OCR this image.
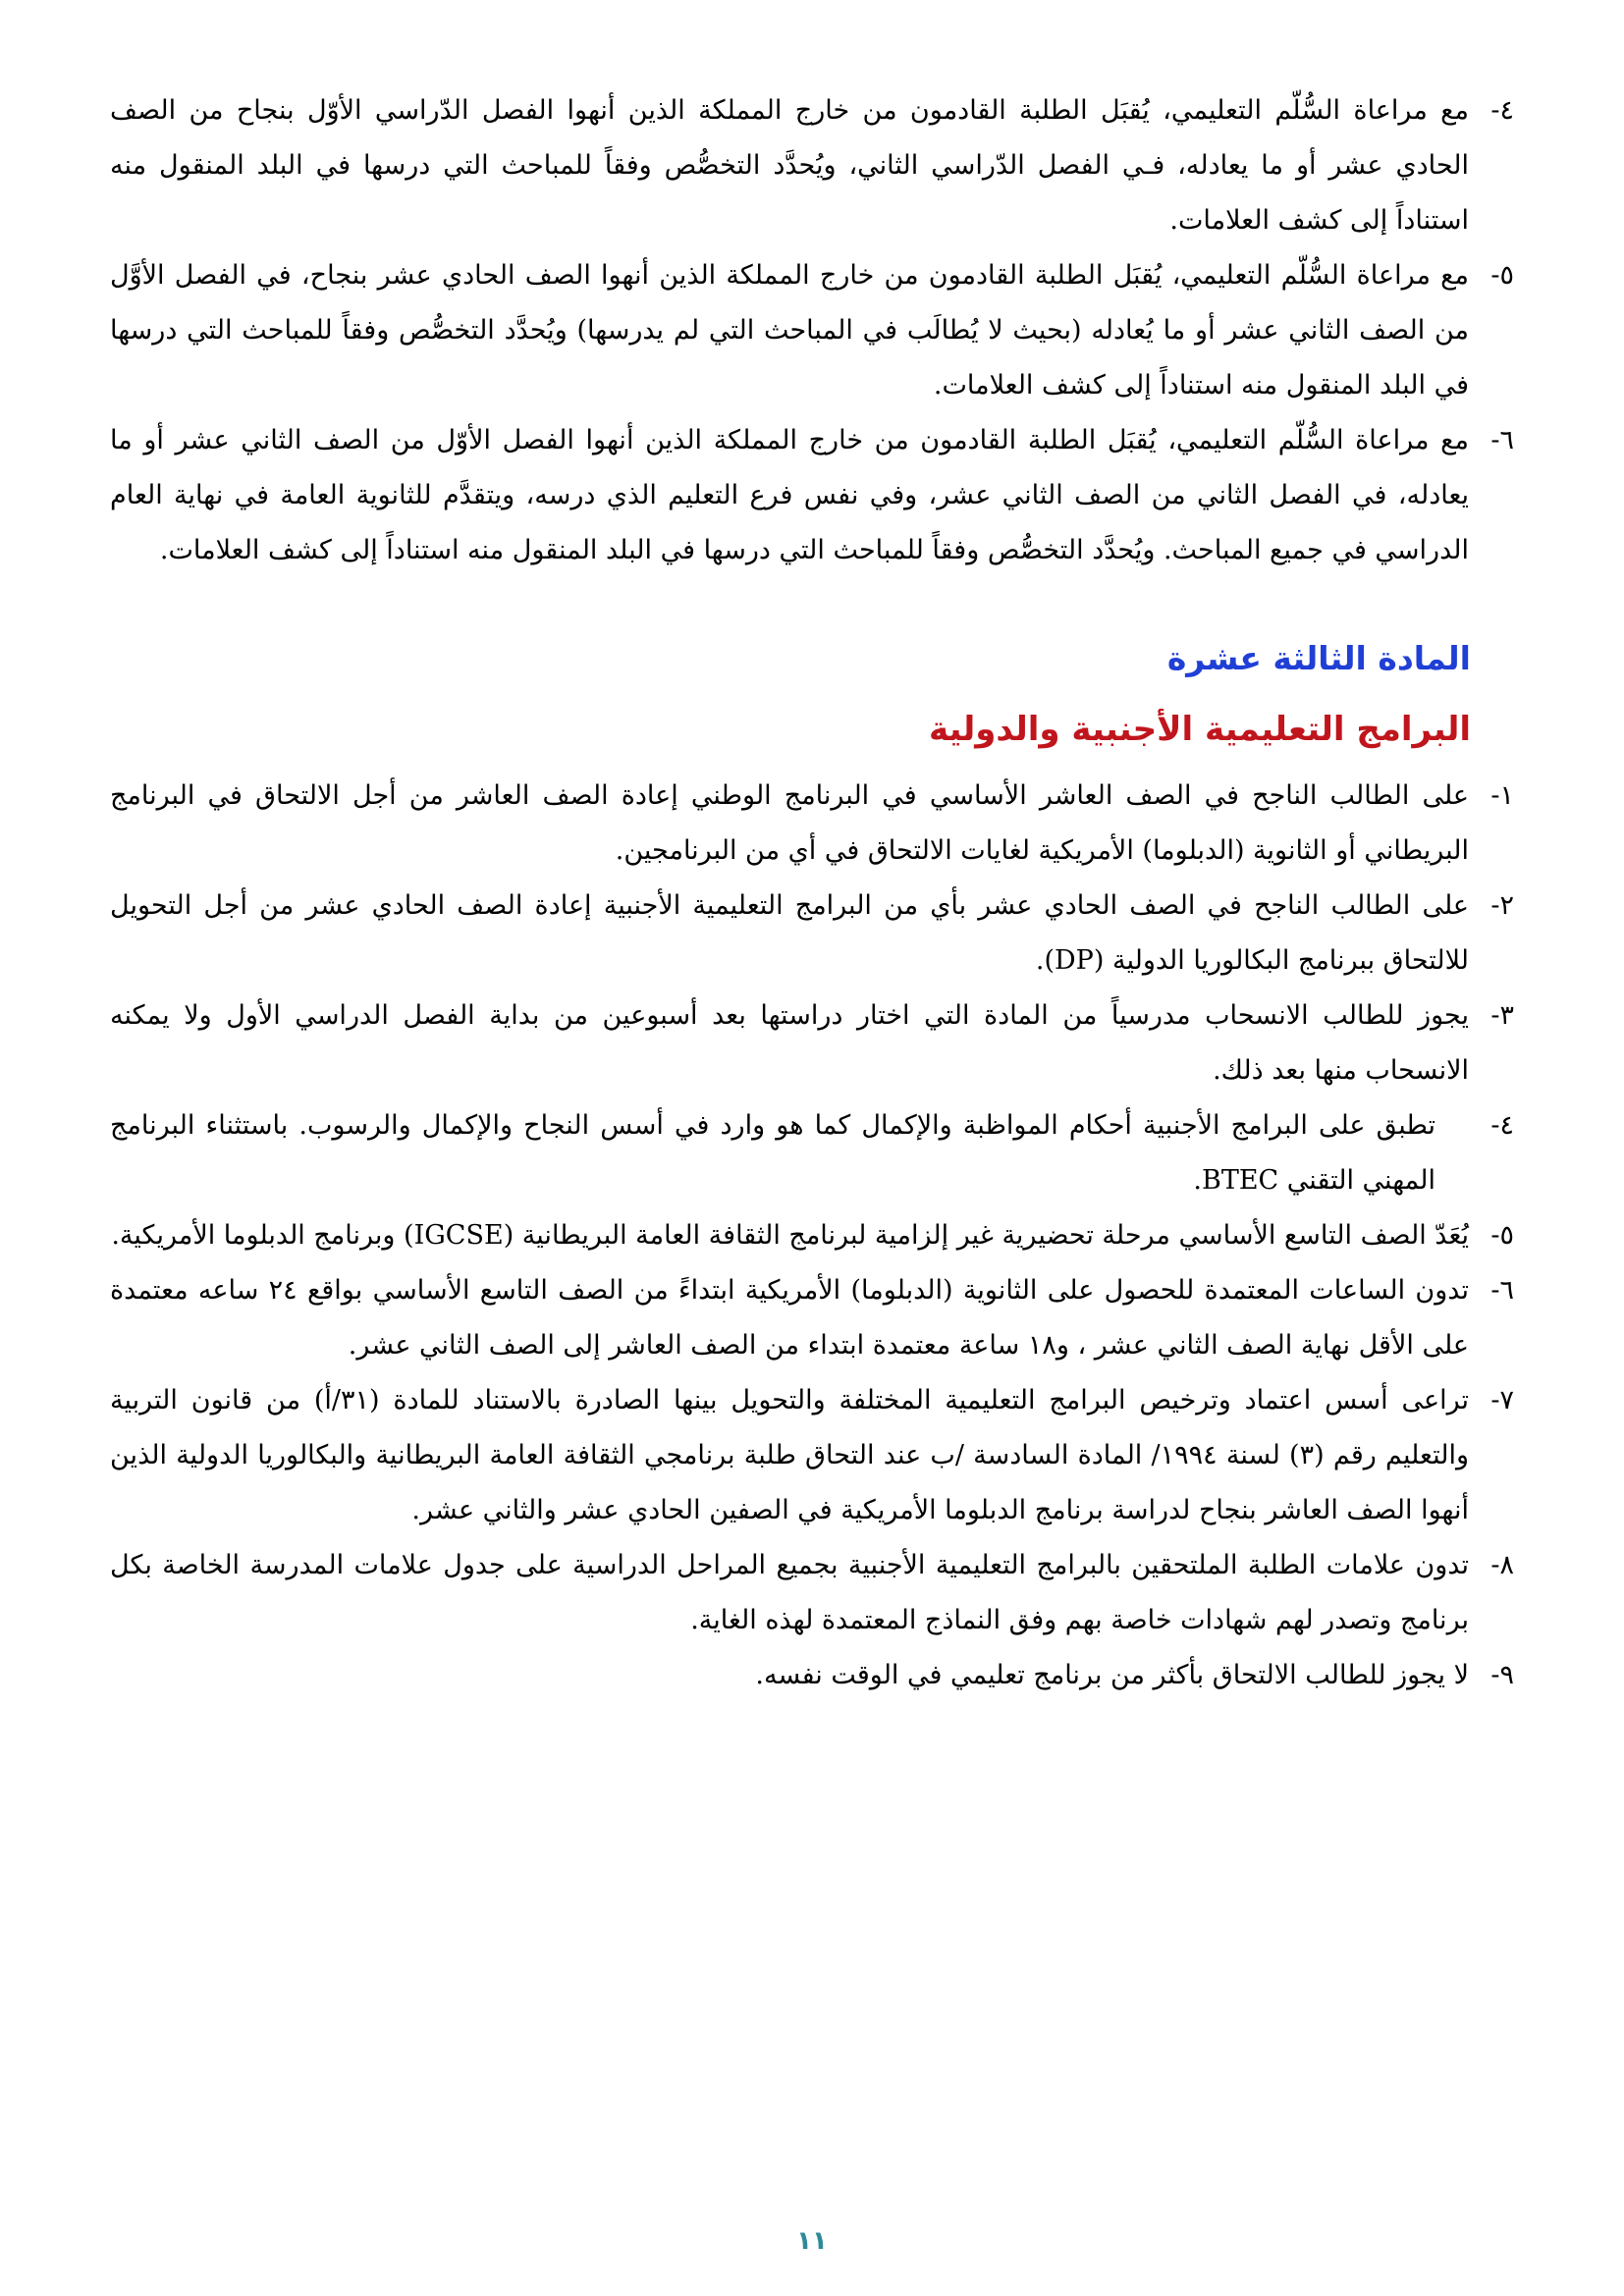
٤-
مع مراعاة السُّلّم التعليمي، يُقبَل الطلبة القادمون من خارج المملكة الذين أنهوا الفصل الدّراسي الأوّل بنجاح من الصف الحادي عشر أو ما يعادله، فـي الفصل الدّراسي الثاني، ويُحدَّد التخصُّص وفقاً للمباحث التي درسها في البلد المنقول منه استناداً إلى كشف العلامات.

٥-
مع مراعاة السُّلّم التعليمي، يُقبَل الطلبة القادمون من خارج المملكة الذين أنهوا الصف الحادي عشر بنجاح، في الفصل الأوَّل من الصف الثاني عشر أو ما يُعادله (بحيث لا يُطالَب في المباحث التي لم يدرسها) ويُحدَّد التخصُّص وفقاً للمباحث التي درسها في البلد المنقول منه استناداً إلى كشف العلامات.

٦-
مع مراعاة السُّلّم التعليمي، يُقبَل الطلبة القادمون من خارج المملكة الذين أنهوا الفصل الأوّل من الصف الثاني عشر أو ما يعادله، في الفصل الثاني من الصف الثاني عشر، وفي نفس فرع التعليم الذي درسه، ويتقدَّم للثانوية العامة في نهاية العام الدراسي في جميع المباحث. ويُحدَّد التخصُّص وفقاً للمباحث التي درسها في البلد المنقول منه استناداً إلى كشف العلامات.

المادة الثالثة عشرة
البرامج التعليمية الأجنبية والدولية

١-
على الطالب الناجح في الصف العاشر الأساسي في البرنامج الوطني إعادة الصف العاشر من أجل الالتحاق في البرنامج البريطاني أو الثانوية (الدبلوما) الأمريكية لغايات الالتحاق في أي من البرنامجين.

٢-
على الطالب الناجح في الصف الحادي عشر بأي من البرامج التعليمية الأجنبية إعادة الصف الحادي عشر من أجل التحويل للالتحاق ببرنامج البكالوريا الدولية (DP).

٣-
يجوز للطالب الانسحاب مدرسياً من المادة التي اختار دراستها بعد أسبوعين من بداية الفصل الدراسي الأول ولا يمكنه الانسحاب منها بعد ذلك.

٤-
تطبق على البرامج الأجنبية أحكام المواظبة والإكمال كما هو وارد في أسس النجاح والإكمال والرسوب. باستثناء البرنامج المهني التقني BTEC.

٥-
يُعَدّ الصف التاسع الأساسي مرحلة تحضيرية غير إلزامية لبرنامج الثقافة العامة البريطانية (IGCSE) وبرنامج الدبلوما الأمريكية.

٦-
تدون الساعات المعتمدة للحصول على الثانوية (الدبلوما) الأمريكية ابتداءً من الصف التاسع الأساسي بواقع ٢٤ ساعه معتمدة على الأقل نهاية الصف الثاني عشر ، و١٨ ساعة معتمدة ابتداء من الصف العاشر إلى الصف الثاني عشر.

٧-
تراعى أسس اعتماد وترخيص البرامج التعليمية المختلفة والتحويل بينها الصادرة بالاستناد للمادة (٣١/أ) من قانون التربية والتعليم رقم (٣) لسنة ١٩٩٤/ المادة السادسة /ب عند التحاق طلبة برنامجي الثقافة العامة البريطانية والبكالوريا الدولية الذين أنهوا الصف العاشر بنجاح لدراسة برنامج الدبلوما الأمريكية في الصفين الحادي عشر والثاني عشر.

٨-
تدون علامات الطلبة الملتحقين بالبرامج التعليمية الأجنبية بجميع المراحل الدراسية على جدول علامات المدرسة الخاصة بكل برنامج وتصدر لهم شهادات خاصة بهم وفق النماذج المعتمدة لهذه الغاية.

٩-
لا يجوز للطالب الالتحاق بأكثر من برنامج تعليمي في الوقت نفسه.

١١
